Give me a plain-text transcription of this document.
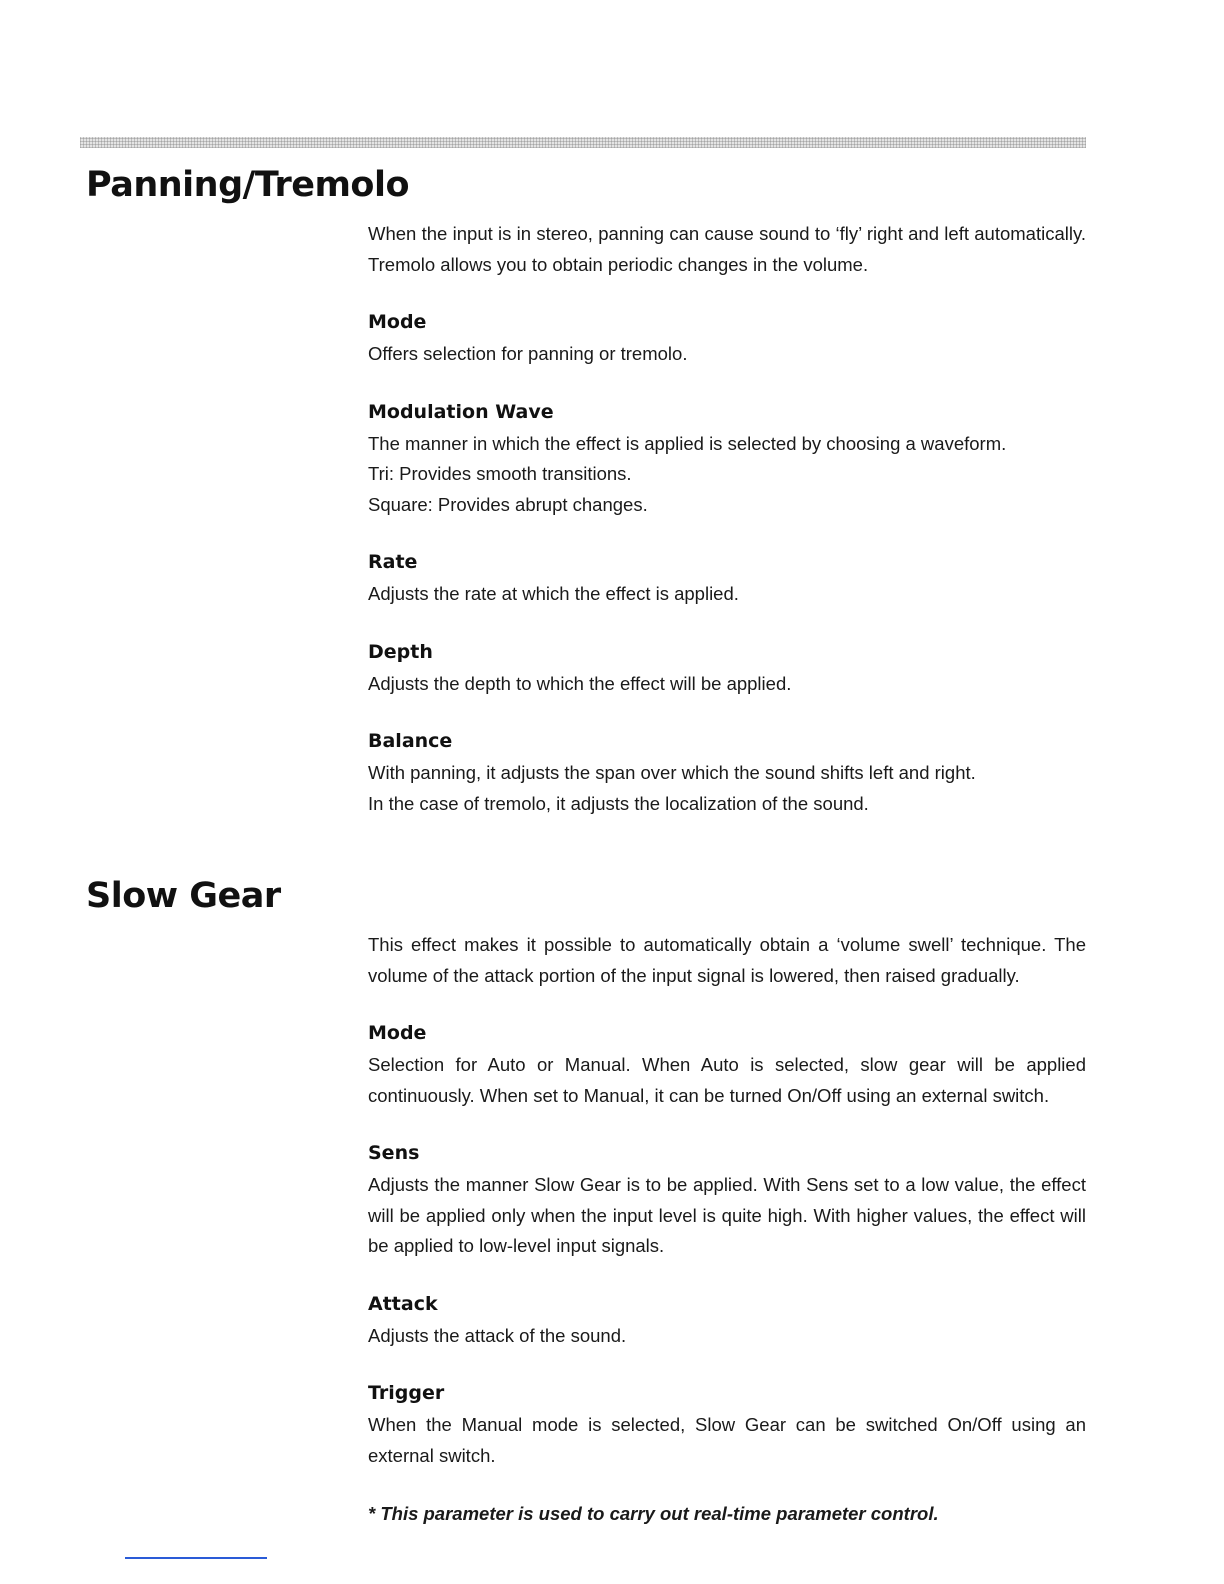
Panning/Tremolo

When the input is in stereo, panning can cause sound to ‘fly’ right and left automatically. Tremolo allows you to obtain periodic changes in the volume.

Mode

Offers selection for panning or tremolo.

Modulation Wave

The manner in which the effect is applied is selected by choosing a waveform.

Tri: Provides smooth transitions.

Square: Provides abrupt changes.

Rate

Adjusts the rate at which the effect is applied.

Depth

Adjusts the depth to which the effect will be applied.

Balance

With panning, it adjusts the span over which the sound shifts left and right.

In the case of tremolo, it adjusts the localization of the sound.

Slow Gear

This effect makes it possible to automatically obtain a ‘volume swell’ technique. The volume of the attack portion of the input signal is lowered, then raised gradually.

Mode

Selection for Auto or Manual. When Auto is selected, slow gear will be applied continuously. When set to Manual, it can be turned On/Off using an external switch.

Sens

Adjusts the manner Slow Gear is to be applied. With Sens set to a low value, the effect will be applied only when the input level is quite high. With higher values, the effect will be applied to low-level input signals.

Attack

Adjusts the attack of the sound.

Trigger

When the Manual mode is selected, Slow Gear can be switched On/Off using an external switch.

* This parameter is used to carry out real-time parameter control.
